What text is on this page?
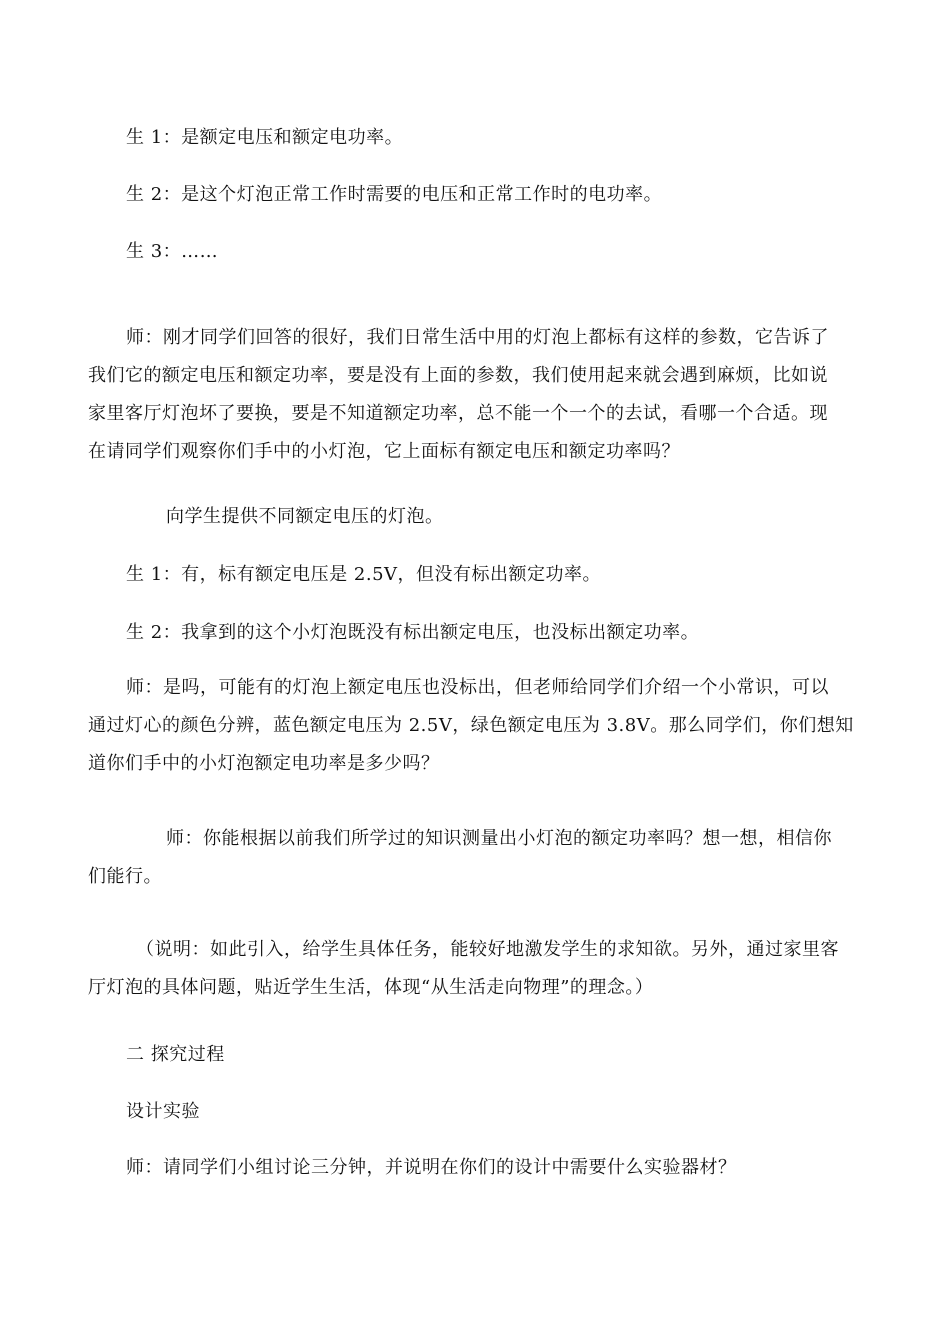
生 1：是额定电压和额定电功率。

生 2：是这个灯泡正常工作时需要的电压和正常工作时的电功率。

生 3：……

师：刚才同学们回答的很好，我们日常生活中用的灯泡上都标有这样的参数，它告诉了
我们它的额定电压和额定功率，要是没有上面的参数，我们使用起来就会遇到麻烦，比如说
家里客厅灯泡坏了要换，要是不知道额定功率，总不能一个一个的去试，看哪一个合适。现
在请同学们观察你们手中的小灯泡，它上面标有额定电压和额定功率吗？

向学生提供不同额定电压的灯泡。

生 1：有，标有额定电压是 2.5V，但没有标出额定功率。

生 2：我拿到的这个小灯泡既没有标出额定电压，也没标出额定功率。

师：是吗，可能有的灯泡上额定电压也没标出，但老师给同学们介绍一个小常识，可以
通过灯心的颜色分辨，蓝色额定电压为 2.5V，绿色额定电压为 3.8V。那么同学们，你们想知
道你们手中的小灯泡额定电功率是多少吗？

师：你能根据以前我们所学过的知识测量出小灯泡的额定功率吗？想一想，相信你
们能行。

（说明：如此引入，给学生具体任务，能较好地激发学生的求知欲。另外，通过家里客
厅灯泡的具体问题，贴近学生生活，体现“从生活走向物理”的理念。）

二 探究过程

设计实验

师：请同学们小组讨论三分钟，并说明在你们的设计中需要什么实验器材？
